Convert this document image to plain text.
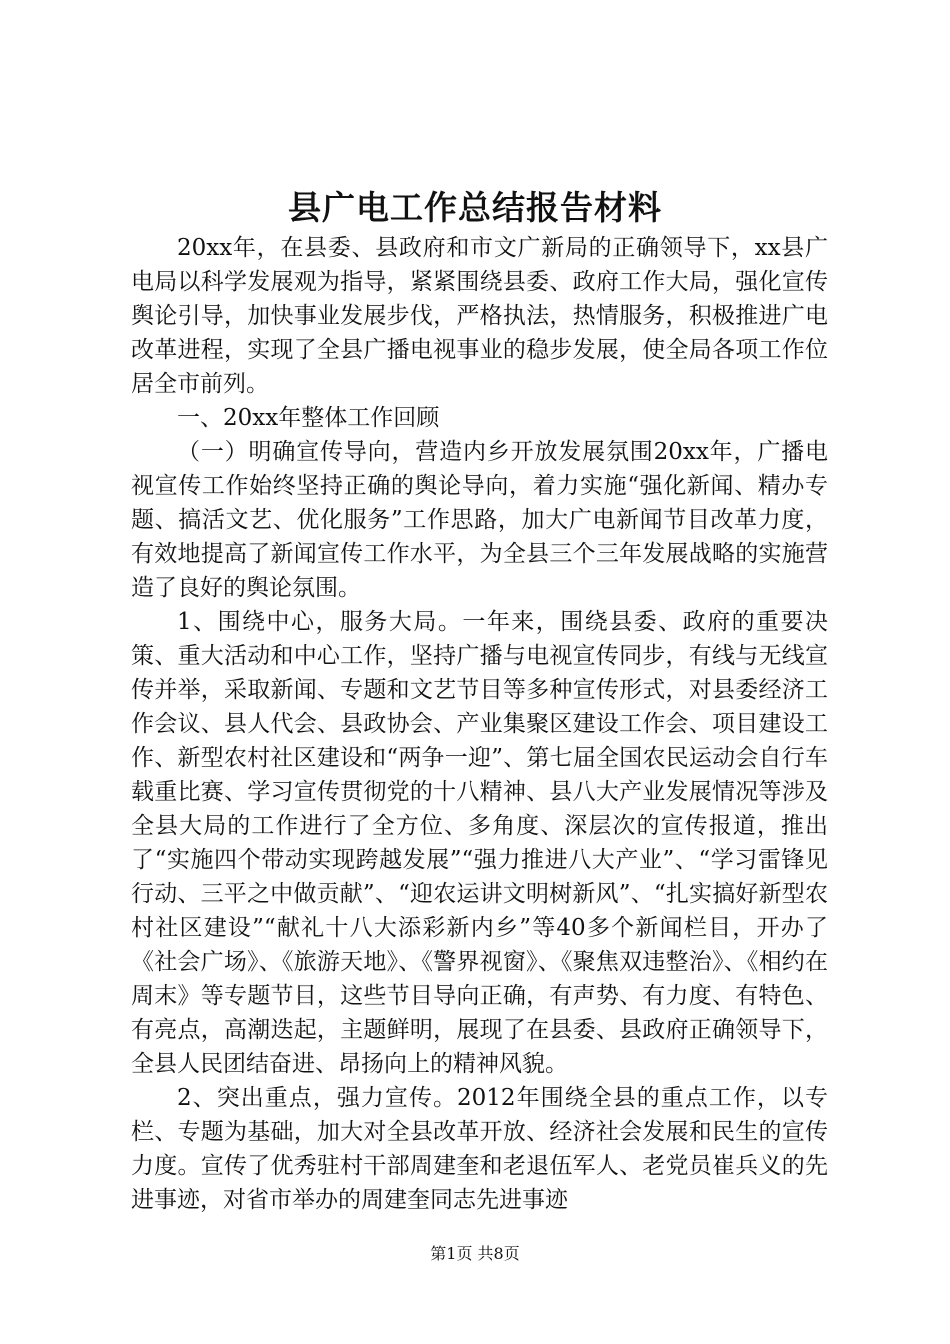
县广电工作总结报告材料

20xx年，在县委、县政府和市文广新局的正确领导下，xx县广电局以科学发展观为指导，紧紧围绕县委、政府工作大局，强化宣传舆论引导，加快事业发展步伐，严格执法，热情服务，积极推进广电改革进程，实现了全县广播电视事业的稳步发展，使全局各项工作位居全市前列。

一、20xx年整体工作回顾

（一）明确宣传导向，营造内乡开放发展氛围20xx年，广播电视宣传工作始终坚持正确的舆论导向，着力实施“强化新闻、精办专题、搞活文艺、优化服务”工作思路，加大广电新闻节目改革力度，有效地提高了新闻宣传工作水平，为全县三个三年发展战略的实施营造了良好的舆论氛围。

1、围绕中心，服务大局。一年来，围绕县委、政府的重要决策、重大活动和中心工作，坚持广播与电视宣传同步，有线与无线宣传并举，采取新闻、专题和文艺节目等多种宣传形式，对县委经济工作会议、县人代会、县政协会、产业集聚区建设工作会、项目建设工作、新型农村社区建设和“两争一迎”、第七届全国农民运动会自行车载重比赛、学习宣传贯彻党的十八精神、县八大产业发展情况等涉及全县大局的工作进行了全方位、多角度、深层次的宣传报道，推出了“实施四个带动实现跨越发展”“强力推进八大产业”、“学习雷锋见行动、三平之中做贡献”、“迎农运讲文明树新风”、“扎实搞好新型农村社区建设”“献礼十八大添彩新内乡”等40多个新闻栏目，开办了《社会广场》、《旅游天地》、《警界视窗》、《聚焦双违整治》、《相约在周末》等专题节目，这些节目导向正确，有声势、有力度、有特色、有亮点，高潮迭起，主题鲜明，展现了在县委、县政府正确领导下，全县人民团结奋进、昂扬向上的精神风貌。

2、突出重点，强力宣传。2012年围绕全县的重点工作，以专栏、专题为基础，加大对全县改革开放、经济社会发展和民生的宣传力度。宣传了优秀驻村干部周建奎和老退伍军人、老党员崔兵义的先进事迹，对省市举办的周建奎同志先进事迹

第1页 共8页
